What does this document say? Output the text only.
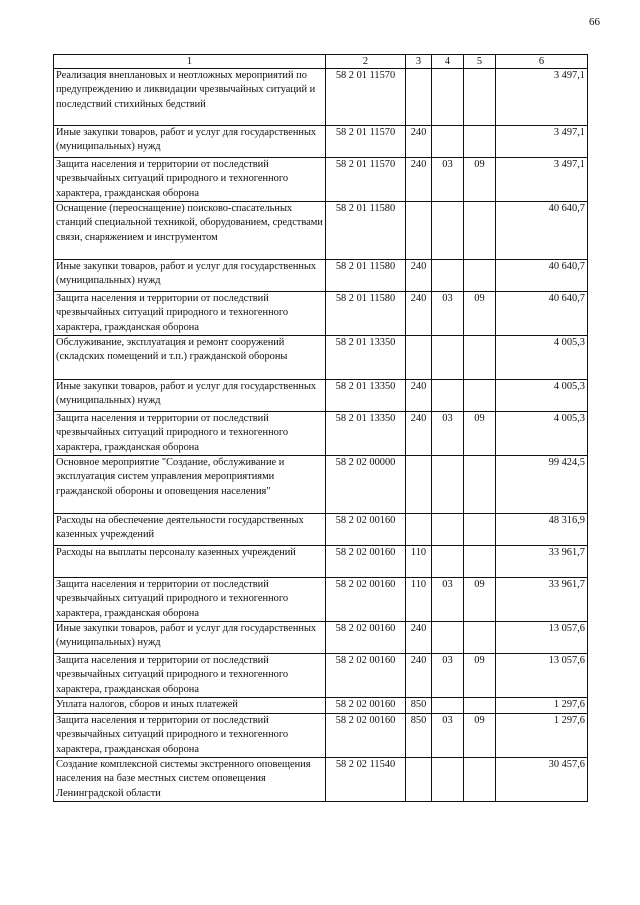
66
1	2	3	4	5	6
Реализация внеплановых и неотложных мероприятий по предупреждению и ликвидации чрезвычайных ситуаций и последствий стихийных бедствий	58 2 01 11570				3 497,1
Иные закупки товаров, работ и услуг для государственных (муниципальных) нужд	58 2 01 11570	240			3 497,1
Защита населения и территории от последствий чрезвычайных ситуаций природного и техногенного характера, гражданская оборона	58 2 01 11570	240	03	09	3 497,1
Оснащение (переоснащение) поисково-спасательных станций специальной техникой, оборудованием, средствами связи, снаряжением и инструментом	58 2 01 11580				40 640,7
Иные закупки товаров, работ и услуг для государственных (муниципальных) нужд	58 2 01 11580	240			40 640,7
Защита населения и территории от последствий чрезвычайных ситуаций природного и техногенного характера, гражданская оборона	58 2 01 11580	240	03	09	40 640,7
Обслуживание, эксплуатация и ремонт сооружений (складских помещений и т.п.) гражданской обороны	58 2 01 13350				4 005,3
Иные закупки товаров, работ и услуг для государственных (муниципальных) нужд	58 2 01 13350	240			4 005,3
Защита населения и территории от последствий чрезвычайных ситуаций природного и техногенного характера, гражданская оборона	58 2 01 13350	240	03	09	4 005,3
Основное мероприятие "Создание, обслуживание и эксплуатация систем управления мероприятиями гражданской обороны и оповещения населения"	58 2 02 00000				99 424,5
Расходы на обеспечение деятельности государственных казенных учреждений	58 2 02 00160				48 316,9
Расходы на выплаты персоналу казенных учреждений	58 2 02 00160	110			33 961,7
Защита населения и территории от последствий чрезвычайных ситуаций природного и техногенного характера, гражданская оборона	58 2 02 00160	110	03	09	33 961,7
Иные закупки товаров, работ и услуг для государственных (муниципальных) нужд	58 2 02 00160	240			13 057,6
Защита населения и территории от последствий чрезвычайных ситуаций природного и техногенного характера, гражданская оборона	58 2 02 00160	240	03	09	13 057,6
Уплата налогов, сборов и иных платежей	58 2 02 00160	850			1 297,6
Защита населения и территории от последствий чрезвычайных ситуаций природного и техногенного характера, гражданская оборона	58 2 02 00160	850	03	09	1 297,6
Создание комплексной системы экстренного оповещения населения на базе местных систем оповещения Ленинградской области	58 2 02 11540				30 457,6
